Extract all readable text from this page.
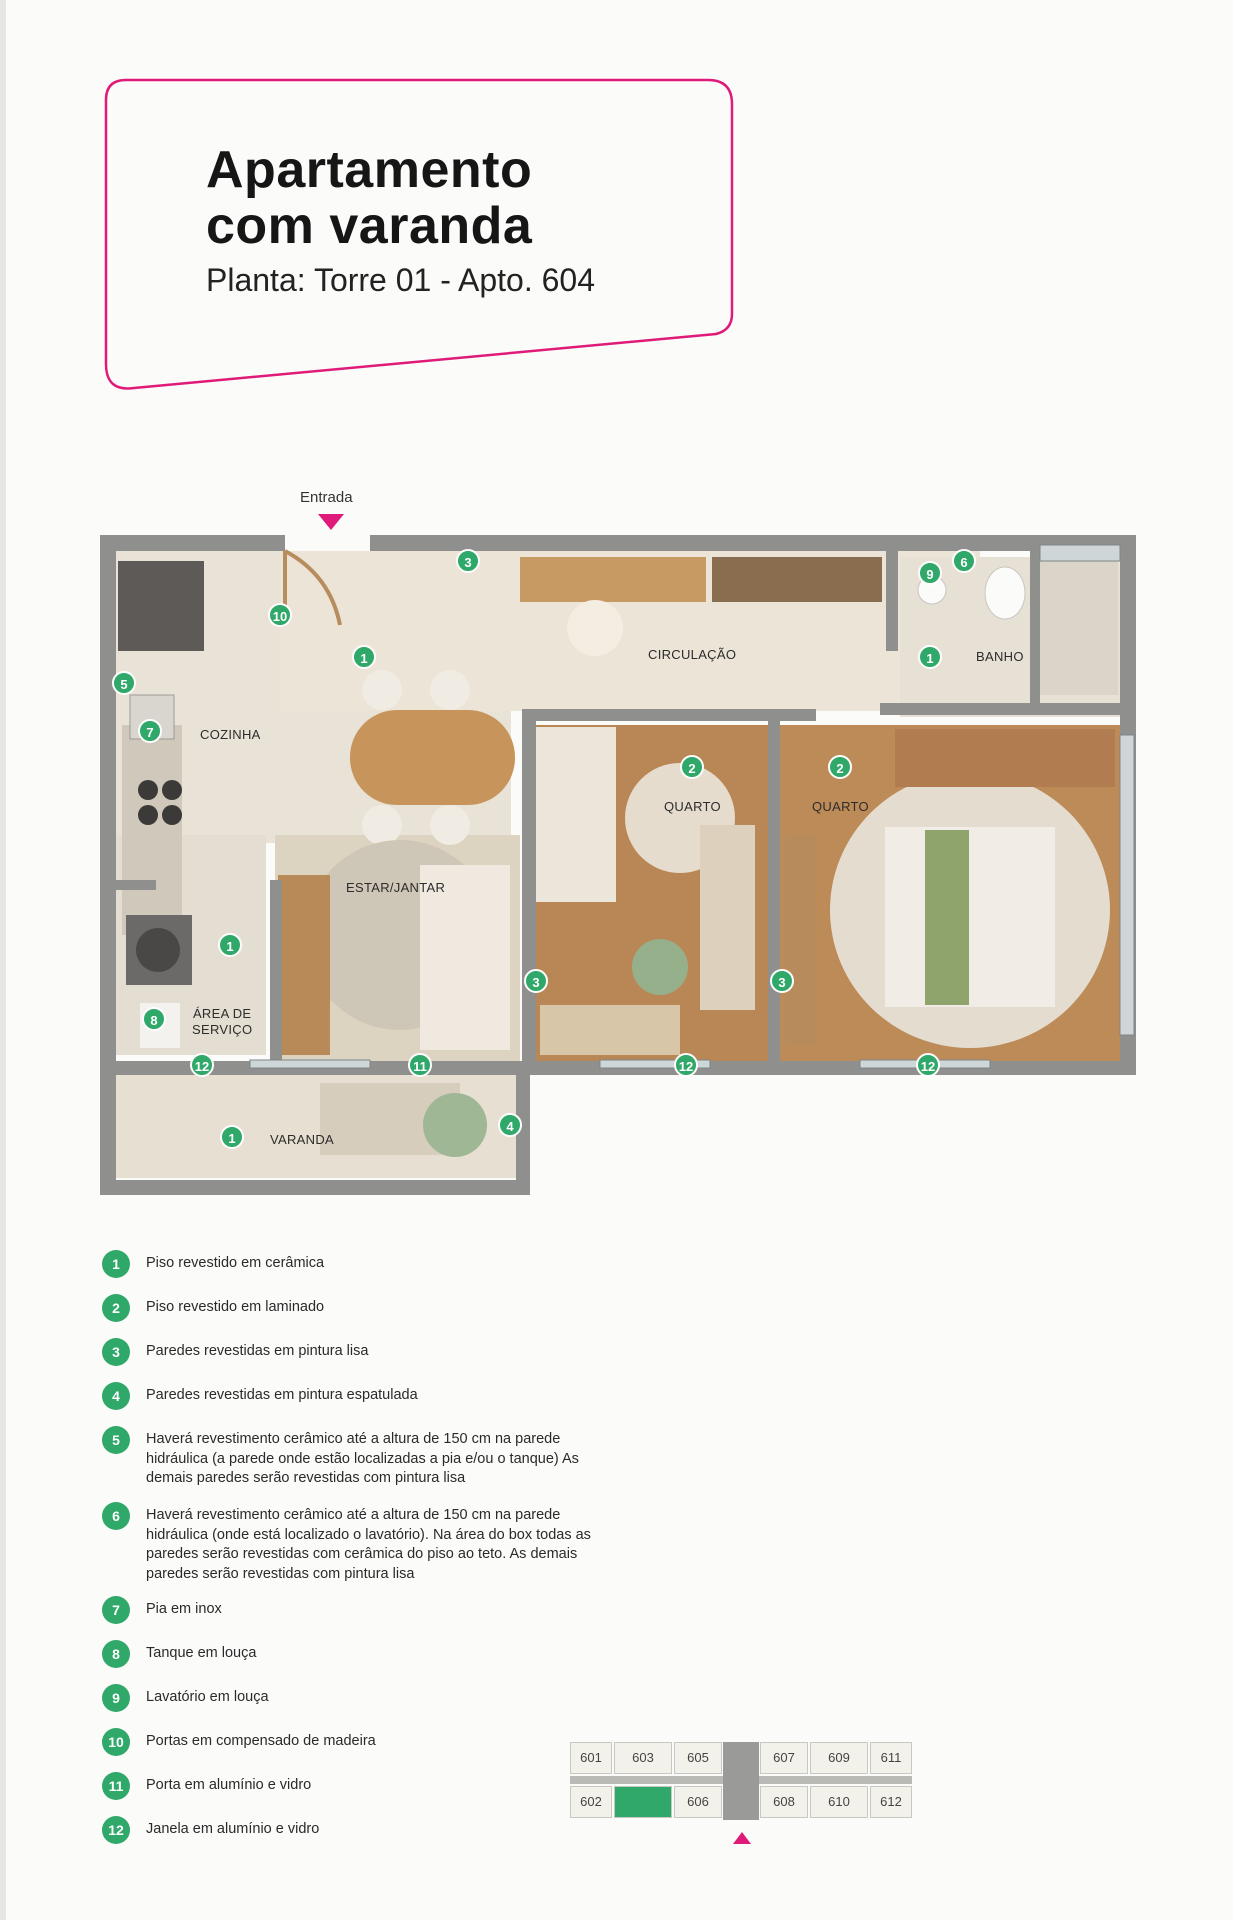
Apartamento
com varanda
Planta: Torre 01 - Apto. 604
Entrada
COZINHA
ESTAR/JANTAR
CIRCULAÇÃO	BANHO
QUARTO	QUARTO
ÁREA DE
SERVIÇO
VARANDA
10
3
1
9
6
1
5
7
2	2
1
3	3
8
12	11	12	12
4
1
1	Piso revestido em cerâmica
2	Piso revestido em laminado
3	Paredes revestidas em pintura lisa
4	Paredes revestidas em pintura espatulada
5	Haverá revestimento cerâmico até a altura de 150 cm na parede hidráulica (a parede onde estão localizadas a pia e/ou o tanque) As demais paredes serão revestidas com pintura lisa
6	Haverá revestimento cerâmico até a altura de 150 cm na parede hidráulica (onde está localizado o lavatório). Na área do box todas as paredes serão revestidas com cerâmica do piso ao teto. As demais paredes serão revestidas com pintura lisa
7	Pia em inox
8	Tanque em louça
9	Lavatório em louça
10	Portas em compensado de madeira
11	Porta em alumínio e vidro
12	Janela em alumínio e vidro
601	603	605	607	609	611
602	604	606	608	610	612
